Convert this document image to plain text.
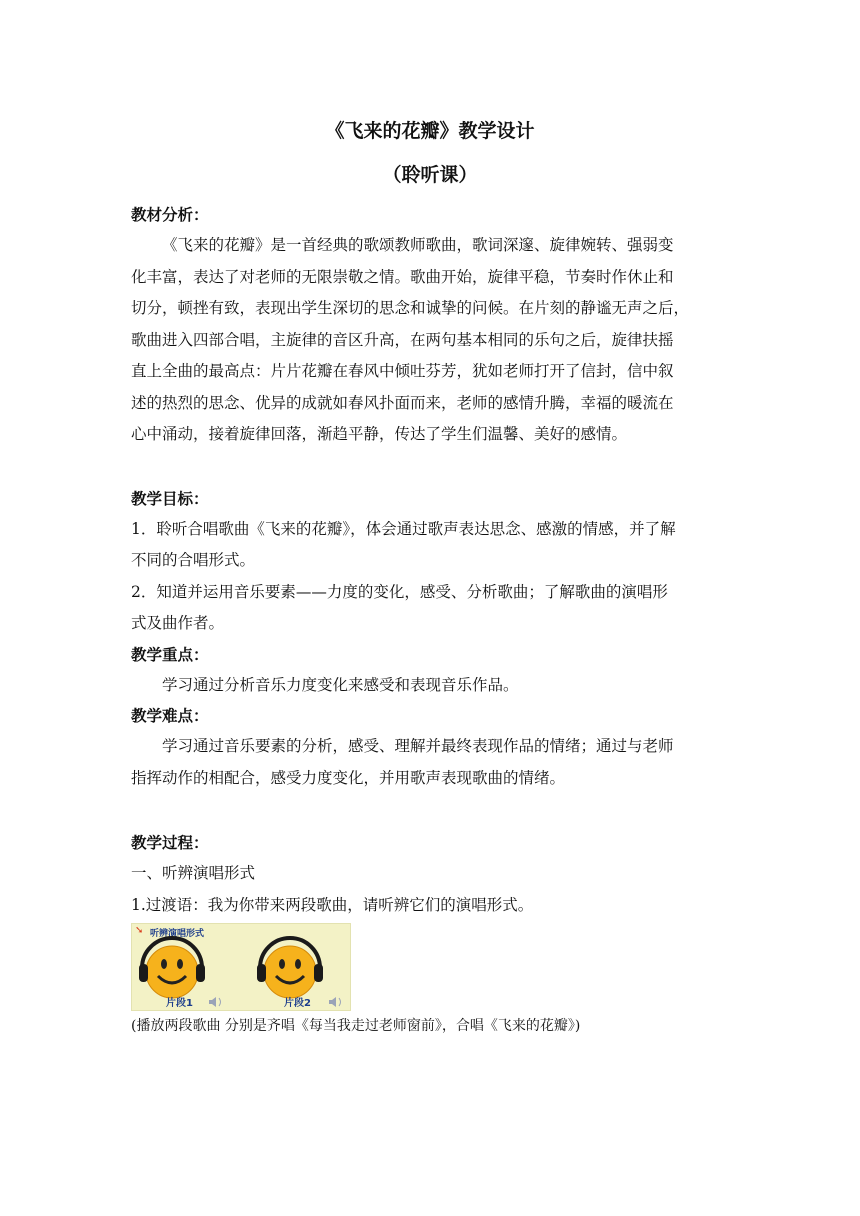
《飞来的花瓣》教学设计
（聆听课）
教材分析：
《飞来的花瓣》是一首经典的歌颂教师歌曲，歌词深邃、旋律婉转、强弱变
化丰富，表达了对老师的无限崇敬之情。歌曲开始，旋律平稳，节奏时作休止和
切分，顿挫有致，表现出学生深切的思念和诚挚的问候。在片刻的静谧无声之后，
歌曲进入四部合唱，主旋律的音区升高，在两句基本相同的乐句之后，旋律扶摇
直上全曲的最高点：片片花瓣在春风中倾吐芬芳，犹如老师打开了信封，信中叙
述的热烈的思念、优异的成就如春风扑面而来，老师的感情升腾，幸福的暖流在
心中涌动，接着旋律回落，渐趋平静，传达了学生们温馨、美好的感情。
教学目标：
1．聆听合唱歌曲《飞来的花瓣》，体会通过歌声表达思念、感激的情感，并了解
不同的合唱形式。
2．知道并运用音乐要素——力度的变化，感受、分析歌曲；了解歌曲的演唱形
式及曲作者。
教学重点：
学习通过分析音乐力度变化来感受和表现音乐作品。
教学难点：
学习通过音乐要素的分析，感受、理解并最终表现作品的情绪；通过与老师
指挥动作的相配合，感受力度变化，并用歌声表现歌曲的情绪。
教学过程：
一、听辨演唱形式
1.过渡语：我为你带来两段歌曲，请听辨它们的演唱形式。
➘ 听辨演唱形式
片段1	片段2
(播放两段歌曲 分别是齐唱《每当我走过老师窗前》，合唱《飞来的花瓣》)
